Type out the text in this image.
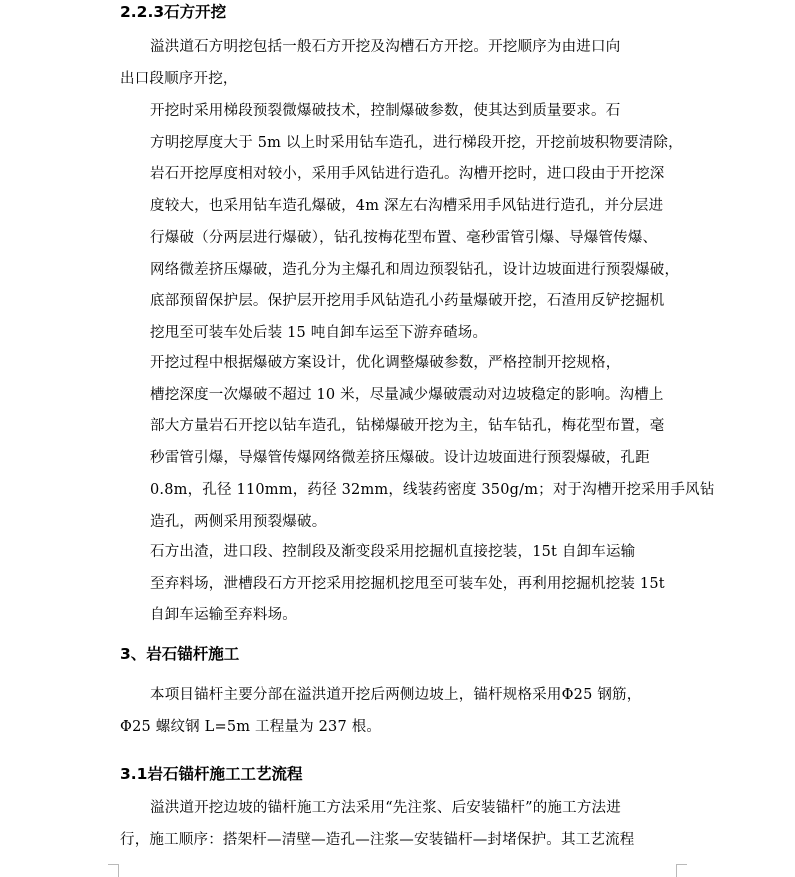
2.2.3石方开挖

溢洪道石方明挖包括一般石方开挖及沟槽石方开挖。开挖顺序为由进口向
出口段顺序开挖，

开挖时采用梯段预裂微爆破技术，控制爆破参数，使其达到质量要求。石
方明挖厚度大于 5m 以上时采用钻车造孔，进行梯段开挖，开挖前坡积物要清除，
岩石开挖厚度相对较小，采用手风钻进行造孔。沟槽开挖时，进口段由于开挖深
度较大，也采用钻车造孔爆破，4m 深左右沟槽采用手风钻进行造孔，并分层进
行爆破（分两层进行爆破），钻孔按梅花型布置、毫秒雷管引爆、导爆管传爆、
网络微差挤压爆破，造孔分为主爆孔和周边预裂钻孔，设计边坡面进行预裂爆破，
底部预留保护层。保护层开挖用手风钻造孔小药量爆破开挖，石渣用反铲挖掘机
挖甩至可装车处后装 15 吨自卸车运至下游弃碴场。

开挖过程中根据爆破方案设计，优化调整爆破参数，严格控制开挖规格，
槽挖深度一次爆破不超过 10 米，尽量减少爆破震动对边坡稳定的影响。沟槽上
部大方量岩石开挖以钻车造孔，钻梯爆破开挖为主，钻车钻孔，梅花型布置，毫
秒雷管引爆，导爆管传爆网络微差挤压爆破。设计边坡面进行预裂爆破，孔距
0.8m，孔径 110mm，药径 32mm，线装药密度 350g/m；对于沟槽开挖采用手风钻
造孔，两侧采用预裂爆破。

石方出渣，进口段、控制段及渐变段采用挖掘机直接挖装，15t 自卸车运输
至弃料场，泄槽段石方开挖采用挖掘机挖甩至可装车处，再利用挖掘机挖装 15t
自卸车运输至弃料场。

3、岩石锚杆施工

本项目锚杆主要分部在溢洪道开挖后两侧边坡上，锚杆规格采用Φ25 钢筋，
Φ25 螺纹钢 L=5m 工程量为 237 根。

3.1岩石锚杆施工工艺流程

溢洪道开挖边坡的锚杆施工方法采用“先注浆、后安装锚杆”的施工方法进
行，施工顺序：搭架杆—清壁—造孔—注浆—安装锚杆—封堵保护。其工艺流程
